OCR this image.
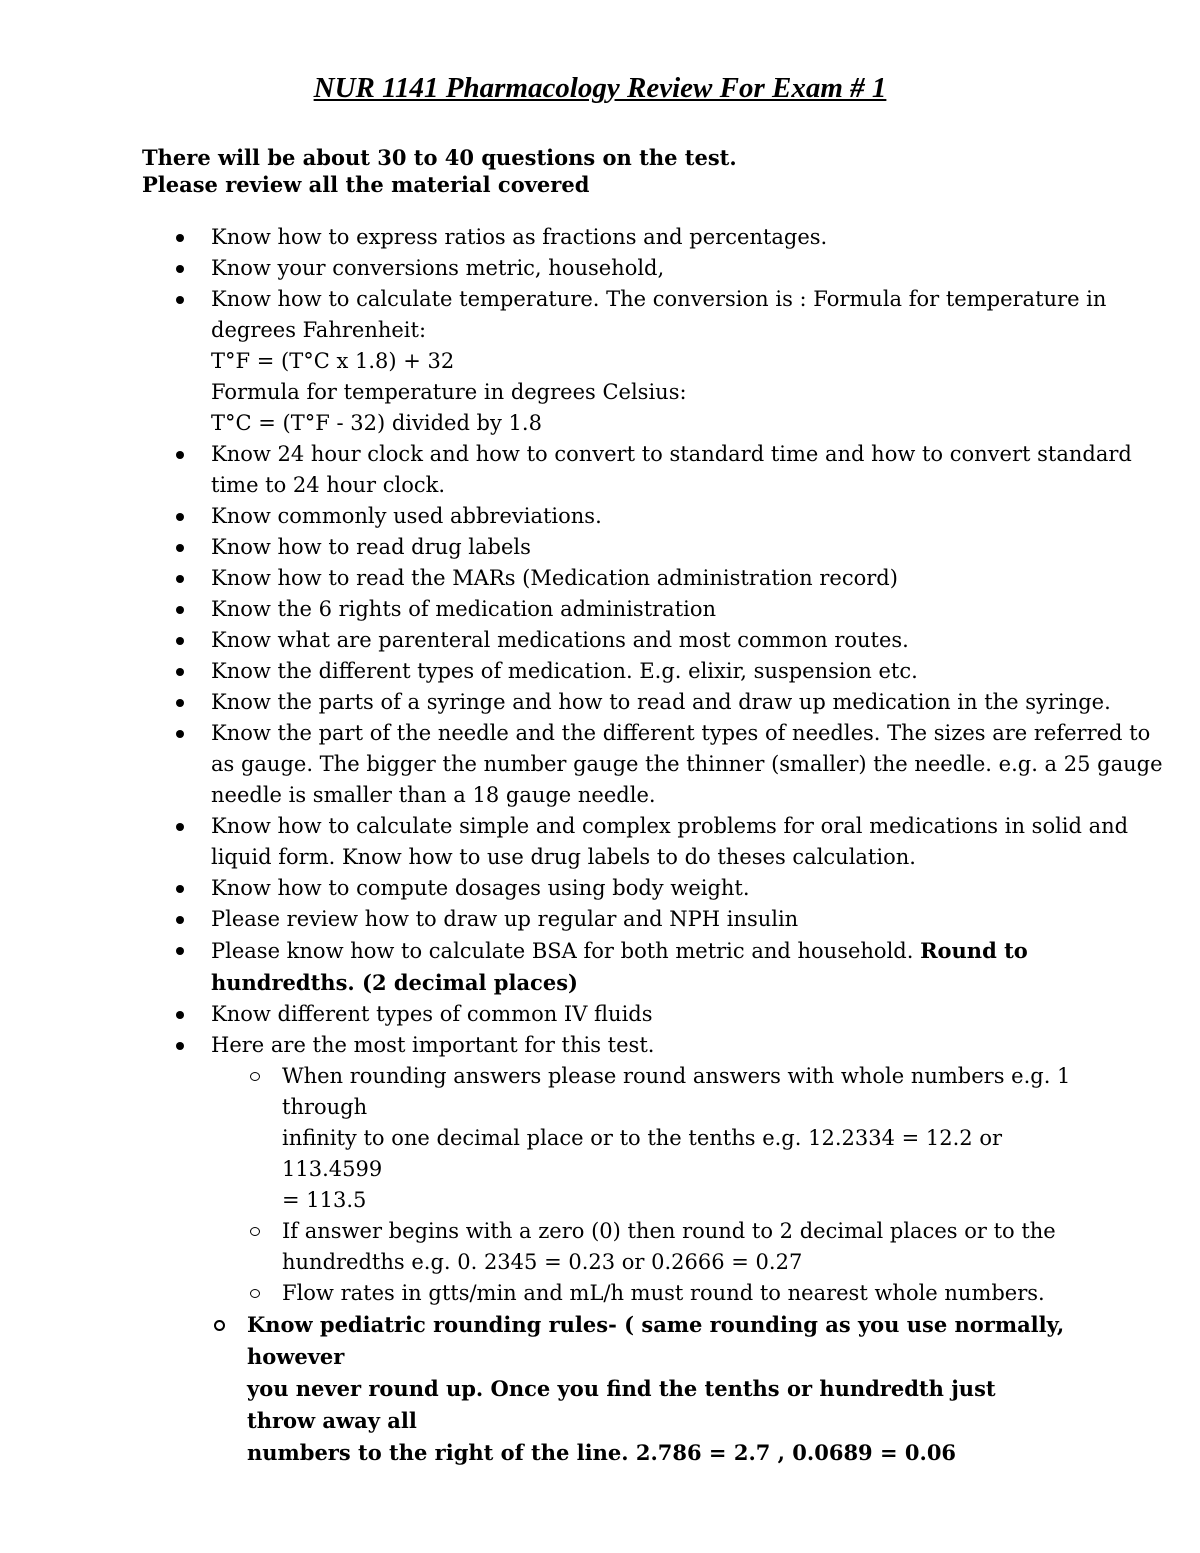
NUR 1141 Pharmacology Review For Exam # 1
There will be about 30 to 40 questions on the test.
Please review all the material covered
Know how to express ratios as fractions and percentages.
Know your conversions metric, household,
Know how to calculate temperature. The conversion is : Formula for temperature in
degrees Fahrenheit:
T°F = (T°C x 1.8) + 32
Formula for temperature in degrees Celsius:
T°C = (T°F - 32) divided by 1.8
Know 24 hour clock and how to convert to standard time and how to convert standard
time to 24 hour clock.
Know commonly used abbreviations.
Know how to read drug labels
Know how to read the MARs (Medication administration record)
Know the 6 rights of medication administration
Know what are parenteral medications and most common routes.
Know the different types of medication. E.g. elixir, suspension etc.
Know the parts of a syringe and how to read and draw up medication in the syringe.
Know the part of the needle and the different types of needles. The sizes are referred to
as gauge. The bigger the number gauge the thinner (smaller) the needle. e.g. a 25 gauge
needle is smaller than a 18 gauge needle.
Know how to calculate simple and complex problems for oral medications in solid and
liquid form. Know how to use drug labels to do theses calculation.
Know how to compute dosages using body weight.
Please review how to draw up regular and NPH insulin
Please know how to calculate BSA for both metric and household. Round to
hundredths. (2 decimal places)
Know different types of common IV fluids
Here are the most important for this test.
When rounding answers please round answers with whole numbers e.g. 1 through
infinity to one decimal place or to the tenths e.g. 12.2334 = 12.2 or 113.4599
= 113.5
If answer begins with a zero (0) then round to 2 decimal places or to the
hundredths e.g. 0. 2345 = 0.23 or 0.2666 = 0.27
Flow rates in gtts/min and mL/h must round to nearest whole numbers.
Know pediatric rounding rules- ( same rounding as you use normally, however
you never round up. Once you find the tenths or hundredth just throw away all
numbers to the right of the line. 2.786 = 2.7 , 0.0689 = 0.06
